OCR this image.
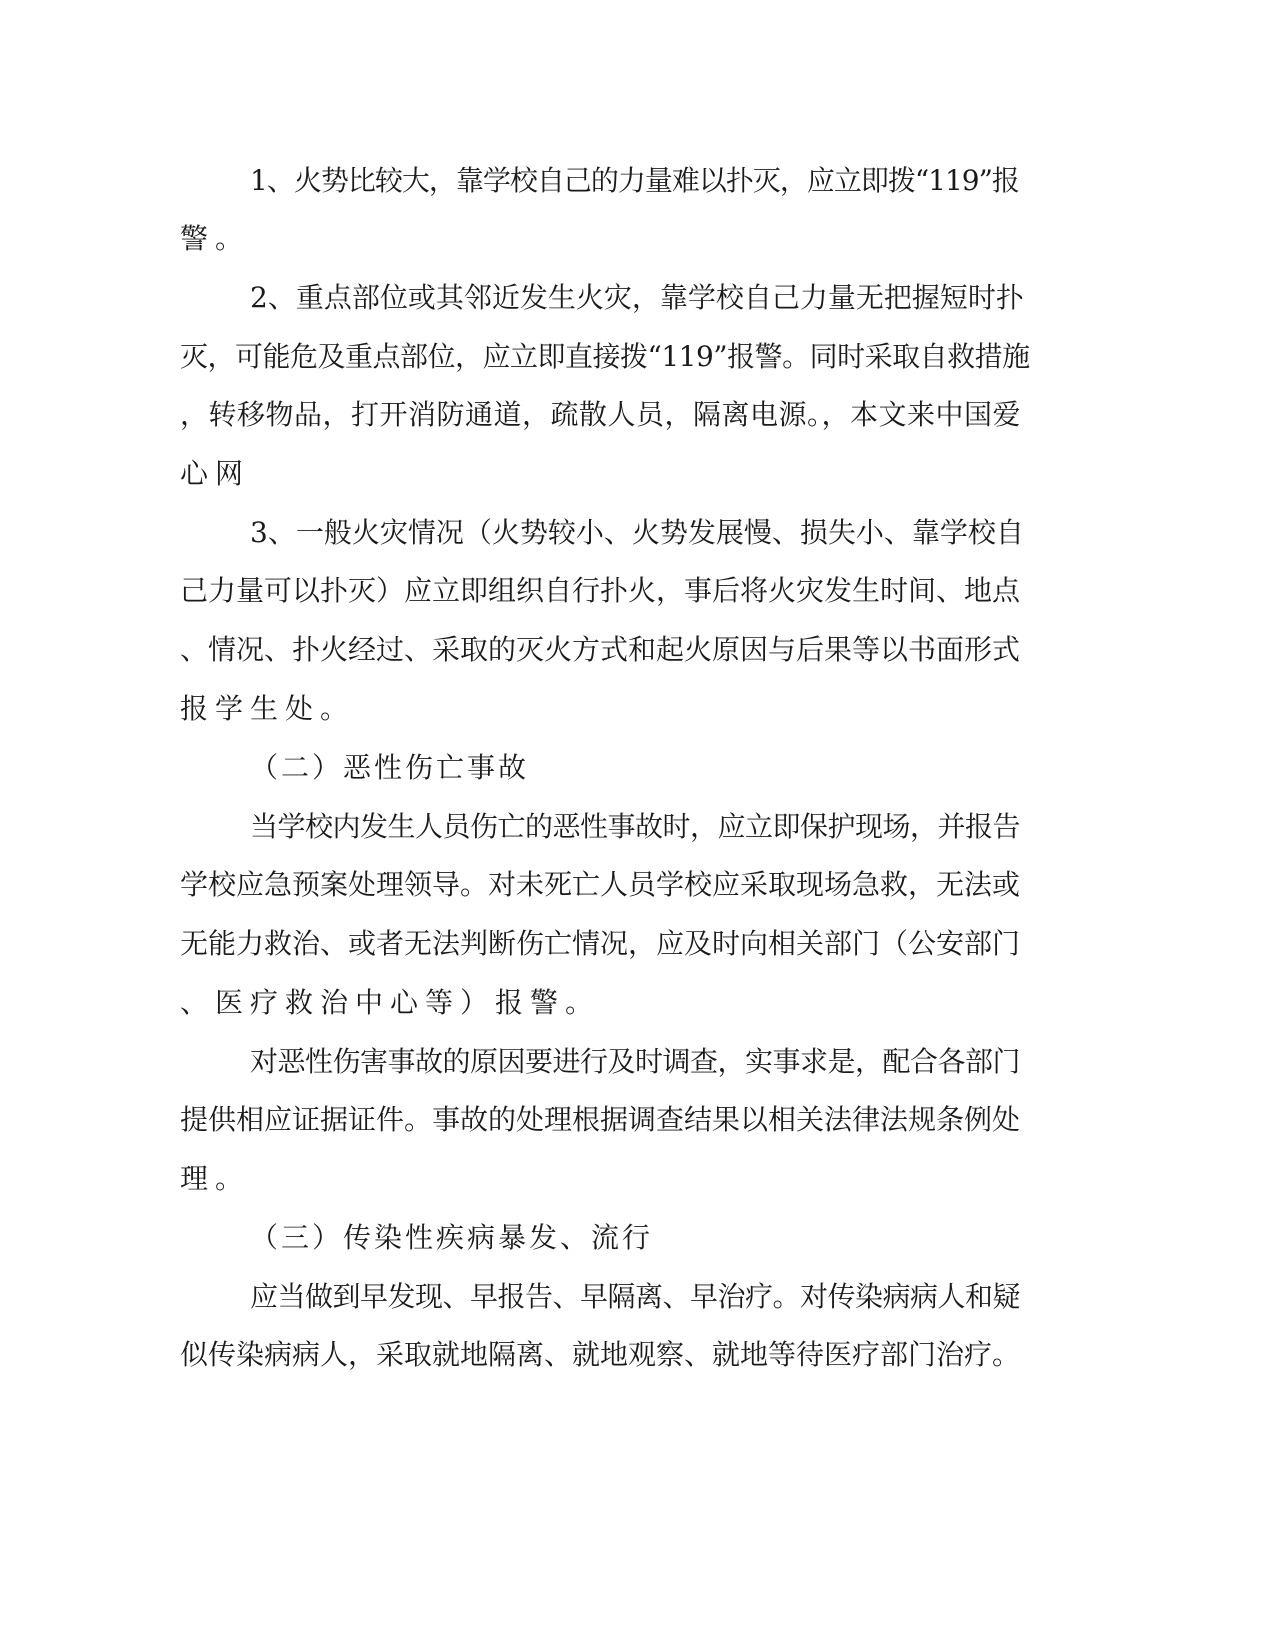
1、火势比较大，靠学校自己的力量难以扑灭，应立即拨“119”报
警。
2、重点部位或其邻近发生火灾，靠学校自己力量无把握短时扑
灭，可能危及重点部位，应立即直接拨“119”报警。同时采取自救措施
，转移物品，打开消防通道，疏散人员，隔离电源。，本文来中国爱
心网
3、一般火灾情况（火势较小、火势发展慢、损失小、靠学校自
己力量可以扑灭）应立即组织自行扑火，事后将火灾发生时间、地点
、情况、扑火经过、采取的灭火方式和起火原因与后果等以书面形式
报学生处。
（二）恶性伤亡事故
当学校内发生人员伤亡的恶性事故时，应立即保护现场，并报告
学校应急预案处理领导。对未死亡人员学校应采取现场急救，无法或
无能力救治、或者无法判断伤亡情况，应及时向相关部门（公安部门
、医疗救治中心等）报警。
对恶性伤害事故的原因要进行及时调查，实事求是，配合各部门
提供相应证据证件。事故的处理根据调查结果以相关法律法规条例处
理。
（三）传染性疾病暴发、流行
应当做到早发现、早报告、早隔离、早治疗。对传染病病人和疑
似传染病病人，采取就地隔离、就地观察、就地等待医疗部门治疗。
